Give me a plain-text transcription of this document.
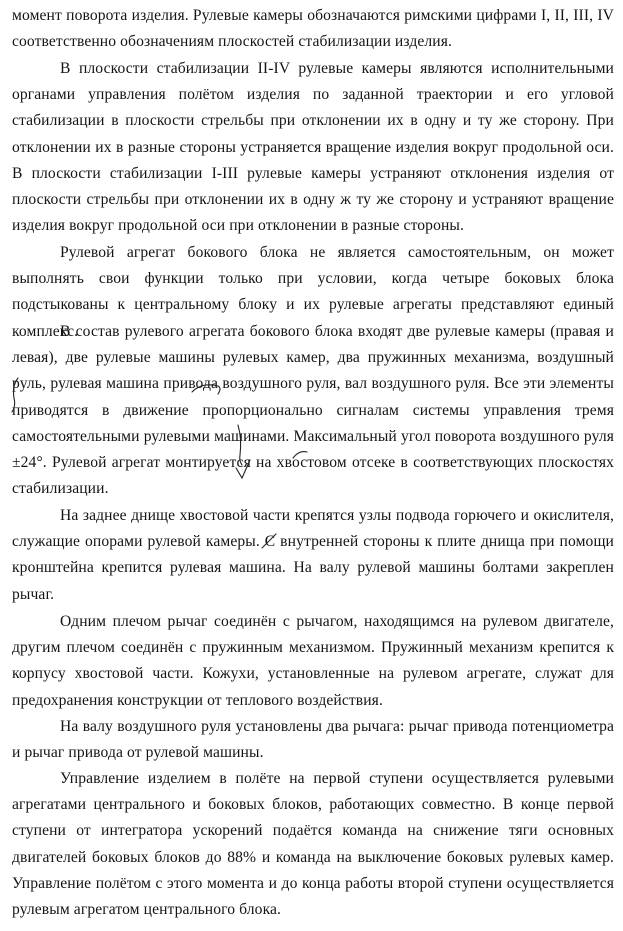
момент поворота изделия. Рулевые камеры обозначаются римскими цифрами I, II, III, IV соответственно обозначениям плоскостей стабилизации изделия.

В плоскости стабилизации II-IV рулевые камеры являются исполнительными органами управления полётом изделия по заданной траектории и его угловой стабилизации в плоскости стрельбы при отклонении их в одну и ту же сторону. При отклонении их в разные стороны устраняется вращение изделия вокруг продольной оси. В плоскости стабилизации I-III рулевые камеры устраняют отклонения изделия от плоскости стрельбы при отклонении их в одну ж ту же сторону и устраняют вращение изделия вокруг продольной оси при отклонении в разные стороны.

Рулевой агрегат бокового блока не является самостоятельным, он может выполнять свои функции только при условии, когда четыре боковых блока подстыкованы к центральному блоку и их рулевые агрегаты представляют единый комплекс.

В состав рулевого агрегата бокового блока входят две рулевые камеры (правая и левая), две рулевые машины рулевых камер, два пружинных механизма, воздушный руль, рулевая машина привода воздушного руля, вал воздушного руля. Все эти элементы приводятся в движение пропорционально сигналам системы управления тремя самостоятельными рулевыми машинами. Максимальный угол поворота воздушного руля ±24°. Рулевой агрегат монтируется на хвостовом отсеке в соответствующих плоскостях стабилизации.

На заднее днище хвостовой части крепятся узлы подвода горючего и окислителя, служащие опорами рулевой камеры. С внутренней стороны к плите днища при помощи кронштейна крепится рулевая машина. На валу рулевой машины болтами закреплен рычаг.

Одним плечом рычаг соединён с рычагом, находящимся на рулевом двигателе, другим плечом соединён с пружинным механизмом. Пружинный механизм крепится к корпусу хвостовой части. Кожухи, установленные на рулевом агрегате, служат для предохранения конструкции от теплового воздействия.

На валу воздушного руля установлены два рычага: рычаг привода потенциометра и рычаг привода от рулевой машины.

Управление изделием в полёте на первой ступени осуществляется рулевыми агрегатами центрального и боковых блоков, работающих совместно. В конце первой ступени от интегратора ускорений подаётся команда на снижение тяги основных двигателей боковых блоков до 88% и команда на выключение боковых рулевых камер. Управление полётом с этого момента и до конца работы второй ступени осуществляется рулевым агрегатом центрального блока.
